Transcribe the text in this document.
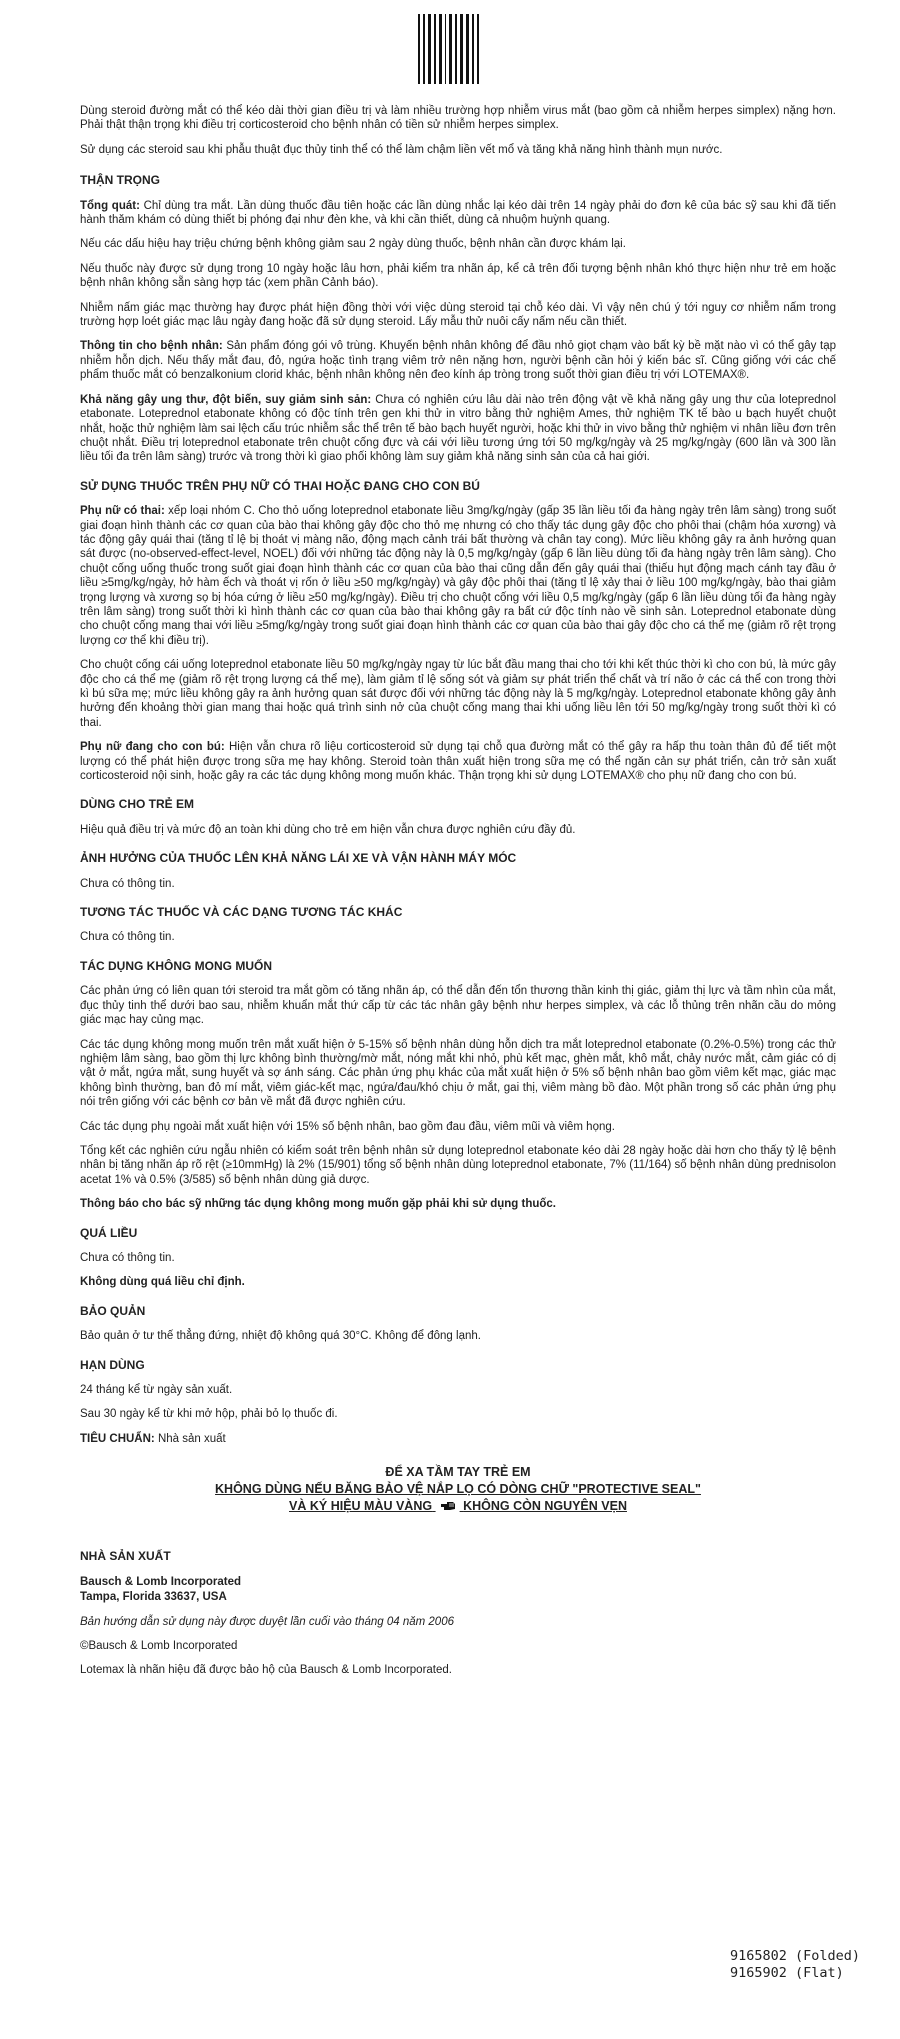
Dùng steroid đường mắt có thể kéo dài thời gian điều trị và làm nhiều trường hợp nhiễm virus mắt (bao gồm cả nhiễm herpes simplex) nặng hơn. Phải thật thận trọng khi điều trị corticosteroid cho bệnh nhân có tiền sử nhiễm herpes simplex.

Sử dụng các steroid sau khi phẫu thuật đục thủy tinh thể có thể làm chậm liền vết mổ và tăng khả năng hình thành mụn nước.

THẬN TRỌNG

Tổng quát: Chỉ dùng tra mắt. Lần dùng thuốc đầu tiên hoặc các lần dùng nhắc lại kéo dài trên 14 ngày phải do đơn kê của bác sỹ sau khi đã tiến hành thăm khám có dùng thiết bị phóng đại như đèn khe, và khi cần thiết, dùng cả nhuộm huỳnh quang.

Nếu các dấu hiệu hay triệu chứng bệnh không giảm sau 2 ngày dùng thuốc, bệnh nhân cần được khám lại.

Nếu thuốc này được sử dụng trong 10 ngày hoặc lâu hơn, phải kiểm tra nhãn áp, kể cả trên đối tượng bệnh nhân khó thực hiện như trẻ em hoặc bệnh nhân không sẵn sàng hợp tác (xem phần Cảnh báo).

Nhiễm nấm giác mạc thường hay được phát hiện đồng thời với việc dùng steroid tại chỗ kéo dài. Vì vậy nên chú ý tới nguy cơ nhiễm nấm trong trường hợp loét giác mạc lâu ngày đang hoặc đã sử dụng steroid. Lấy mẫu thử nuôi cấy nấm nếu cần thiết.

Thông tin cho bệnh nhân: Sản phẩm đóng gói vô trùng. Khuyến bệnh nhân không để đầu nhỏ giọt chạm vào bất kỳ bề mặt nào vì có thể gây tạp nhiễm hỗn dịch. Nếu thấy mắt đau, đỏ, ngứa hoặc tình trạng viêm trở nên nặng hơn, người bệnh cần hỏi ý kiến bác sĩ. Cũng giống với các chế phẩm thuốc mắt có benzalkonium clorid khác, bệnh nhân không nên đeo kính áp tròng trong suốt thời gian điều trị với LOTEMAX®.

Khả năng gây ung thư, đột biến, suy giảm sinh sản: Chưa có nghiên cứu lâu dài nào trên động vật về khả năng gây ung thư của loteprednol etabonate. Loteprednol etabonate không có độc tính trên gen khi thử in vitro bằng thử nghiệm Ames, thử nghiệm TK tế bào u bạch huyết chuột nhắt, hoặc thử nghiệm làm sai lệch cấu trúc nhiễm sắc thể trên tế bào bạch huyết người, hoặc khi thử in vivo bằng thử nghiệm vi nhân liều đơn trên chuột nhắt. Điều trị loteprednol etabonate trên chuột cống đực và cái với liều tương ứng tới 50 mg/kg/ngày và 25 mg/kg/ngày (600 lần và 300 lần liều tối đa trên lâm sàng) trước và trong thời kì giao phối không làm suy giảm khả năng sinh sản của cả hai giới.

SỬ DỤNG THUỐC TRÊN PHỤ NỮ CÓ THAI HOẶC ĐANG CHO CON BÚ

Phụ nữ có thai: xếp loại nhóm C. Cho thỏ uống loteprednol etabonate liều 3mg/kg/ngày (gấp 35 lần liều tối đa hàng ngày trên lâm sàng) trong suốt giai đoạn hình thành các cơ quan của bào thai không gây độc cho thỏ mẹ nhưng có cho thấy tác dụng gây độc cho phôi thai (chậm hóa xương) và tác động gây quái thai (tăng tỉ lệ bị thoát vị màng não, động mạch cảnh trái bất thường và chân tay cong). Mức liều không gây ra ảnh hưởng quan sát được (no-observed-effect-level, NOEL) đối với những tác động này là 0,5 mg/kg/ngày (gấp 6 lần liều dùng tối đa hàng ngày trên lâm sàng). Cho chuột cống uống thuốc trong suốt giai đoạn hình thành các cơ quan của bào thai cũng dẫn đến gây quái thai (thiếu hụt động mạch cánh tay đầu ở liều ≥5mg/kg/ngày, hở hàm ếch và thoát vị rốn ở liều ≥50 mg/kg/ngày) và gây độc phôi thai (tăng tỉ lệ xảy thai ở liều 100 mg/kg/ngày, bào thai giảm trọng lượng và xương sọ bị hóa cứng ở liều ≥50 mg/kg/ngày). Điều trị cho chuột cống với liều 0,5 mg/kg/ngày (gấp 6 lần liều dùng tối đa hàng ngày trên lâm sàng) trong suốt thời kì hình thành các cơ quan của bào thai không gây ra bất cứ độc tính nào về sinh sản. Loteprednol etabonate dùng cho chuột cống mang thai với liều ≥5mg/kg/ngày trong suốt giai đoạn hình thành các cơ quan của bào thai gây độc cho cá thể mẹ (giảm rõ rệt trọng lượng cơ thể khi điều trị).

Cho chuột cống cái uống loteprednol etabonate liều 50 mg/kg/ngày ngay từ lúc bắt đầu mang thai cho tới khi kết thúc thời kì cho con bú, là mức gây độc cho cá thể mẹ (giảm rõ rệt trọng lượng cá thể mẹ), làm giảm tỉ lệ sống sót và giảm sự phát triển thể chất và trí não ở các cá thể con trong thời kì bú sữa mẹ; mức liều không gây ra ảnh hưởng quan sát được đối với những tác động này là 5 mg/kg/ngày. Loteprednol etabonate không gây ảnh hưởng đến khoảng thời gian mang thai hoặc quá trình sinh nở của chuột cống mang thai khi uống liều lên tới 50 mg/kg/ngày trong suốt thời kì có thai.

Phụ nữ đang cho con bú: Hiện vẫn chưa rõ liệu corticosteroid sử dụng tại chỗ qua đường mắt có thể gây ra hấp thu toàn thân đủ để tiết một lượng có thể phát hiện được trong sữa mẹ hay không. Steroid toàn thân xuất hiện trong sữa mẹ có thể ngăn cản sự phát triển, cản trở sản xuất corticosteroid nội sinh, hoặc gây ra các tác dụng không mong muốn khác. Thận trọng khi sử dụng LOTEMAX® cho phụ nữ đang cho con bú.

DÙNG CHO TRẺ EM

Hiệu quả điều trị và mức độ an toàn khi dùng cho trẻ em hiện vẫn chưa được nghiên cứu đầy đủ.

ẢNH HƯỞNG CỦA THUỐC LÊN KHẢ NĂNG LÁI XE VÀ VẬN HÀNH MÁY MÓC

Chưa có thông tin.

TƯƠNG TÁC THUỐC VÀ CÁC DẠNG TƯƠNG TÁC KHÁC

Chưa có thông tin.

TÁC DỤNG KHÔNG MONG MUỐN

Các phản ứng có liên quan tới steroid tra mắt gồm có tăng nhãn áp, có thể dẫn đến tổn thương thần kinh thị giác, giảm thị lực và tầm nhìn của mắt, đục thủy tinh thể dưới bao sau, nhiễm khuẩn mắt thứ cấp từ các tác nhân gây bệnh như herpes simplex, và các lỗ thủng trên nhãn cầu do mỏng giác mạc hay củng mạc.

Các tác dụng không mong muốn trên mắt xuất hiện ở 5-15% số bệnh nhân dùng hỗn dịch tra mắt loteprednol etabonate (0.2%-0.5%) trong các thử nghiệm lâm sàng, bao gồm thị lực không bình thường/mờ mắt, nóng mắt khi nhỏ, phù kết mạc, ghèn mắt, khô mắt, chảy nước mắt, cảm giác có dị vật ở mắt, ngứa mắt, sung huyết và sợ ánh sáng. Các phản ứng phụ khác của mắt xuất hiện ở 5% số bệnh nhân bao gồm viêm kết mạc, giác mạc không bình thường, ban đỏ mí mắt, viêm giác-kết mạc, ngứa/đau/khó chịu ở mắt, gai thị, viêm màng bồ đào. Một phần trong số các phản ứng phụ nói trên giống với các bệnh cơ bản về mắt đã được nghiên cứu.

Các tác dụng phụ ngoài mắt xuất hiện với 15% số bệnh nhân, bao gồm đau đầu, viêm mũi và viêm họng.

Tổng kết các nghiên cứu ngẫu nhiên có kiểm soát trên bệnh nhân sử dụng loteprednol etabonate kéo dài 28 ngày hoặc dài hơn cho thấy tỷ lệ bệnh nhân bị tăng nhãn áp rõ rệt (≥10mmHg) là 2% (15/901) tổng số bệnh nhân dùng loteprednol etabonate, 7% (11/164) số bệnh nhân dùng prednisolon acetat 1% và 0.5% (3/585) số bệnh nhân dùng giả dược.

Thông báo cho bác sỹ những tác dụng không mong muốn gặp phải khi sử dụng thuốc.

QUÁ LIỀU

Chưa có thông tin.

Không dùng quá liều chỉ định.

BẢO QUẢN

Bảo quản ở tư thế thẳng đứng, nhiệt độ không quá 30°C. Không để đông lạnh.

HẠN DÙNG

24 tháng kể từ ngày sản xuất.

Sau 30 ngày kể từ khi mở hộp, phải bỏ lọ thuốc đi.

TIÊU CHUẨN: Nhà sản xuất

ĐỂ XA TẦM TAY TRẺ EM
KHÔNG DÙNG NẾU BĂNG BẢO VỆ NẮP LỌ CÓ DÒNG CHỮ "PROTECTIVE SEAL"
VÀ KÝ HIỆU MÀU VÀNG KHÔNG CÒN NGUYÊN VẸN
NHÀ SẢN XUẤT
Bausch & Lomb Incorporated
Tampa, Florida 33637, USA

Bản hướng dẫn sử dụng này được duyệt lần cuối vào tháng 04 năm 2006

©Bausch & Lomb Incorporated

Lotemax là nhãn hiệu đã được bảo hộ của Bausch & Lomb Incorporated.

9165802 (Folded)
9165902 (Flat)
